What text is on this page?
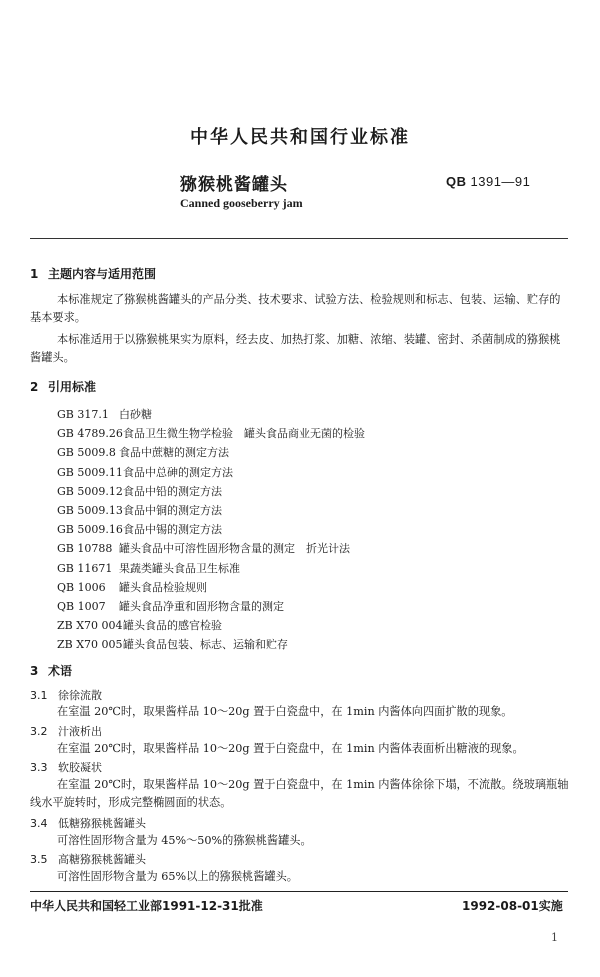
中华人民共和国行业标准
猕猴桃酱罐头	QB 1391—91
Canned gooseberry jam
1 主题内容与适用范围
本标准规定了猕猴桃酱罐头的产品分类、技术要求、试验方法、检验规则和标志、包装、运输、贮存的
基本要求。
本标准适用于以猕猴桃果实为原料，经去皮、加热打浆、加糖、浓缩、装罐、密封、杀菌制成的猕猴桃
酱罐头。
2 引用标准
GB 317.1 白砂糖
GB 4789.26食品卫生微生物学检验　罐头食品商业无菌的检验
GB 5009.8 食品中蔗糖的测定方法
GB 5009.11食品中总砷的测定方法
GB 5009.12食品中铅的测定方法
GB 5009.13食品中铜的测定方法
GB 5009.16食品中锡的测定方法
GB 10788 罐头食品中可溶性固形物含量的测定　折光计法
GB 11671 果蔬类罐头食品卫生标准
QB 1006 罐头食品检验规则
QB 1007 罐头食品净重和固形物含量的测定
ZB X70 004罐头食品的感官检验
ZB X70 005罐头食品包装、标志、运输和贮存
3 术语
3.1 徐徐流散
在室温 20℃时，取果酱样品 10～20g 置于白瓷盘中，在 1min 内酱体向四面扩散的现象。
3.2 汁液析出
在室温 20℃时，取果酱样品 10～20g 置于白瓷盘中，在 1min 内酱体表面析出糖液的现象。
3.3 软胶凝状
在室温 20℃时，取果酱样品 10～20g 置于白瓷盘中，在 1min 内酱体徐徐下塌，不流散。绕玻璃瓶轴
线水平旋转时，形成完整椭圆面的状态。
3.4 低糖猕猴桃酱罐头
可溶性固形物含量为 45%～50%的猕猴桃酱罐头。
3.5 高糖猕猴桃酱罐头
可溶性固形物含量为 65%以上的猕猴桃酱罐头。
中华人民共和国轻工业部1991-12-31批准	1992-08-01实施
1
